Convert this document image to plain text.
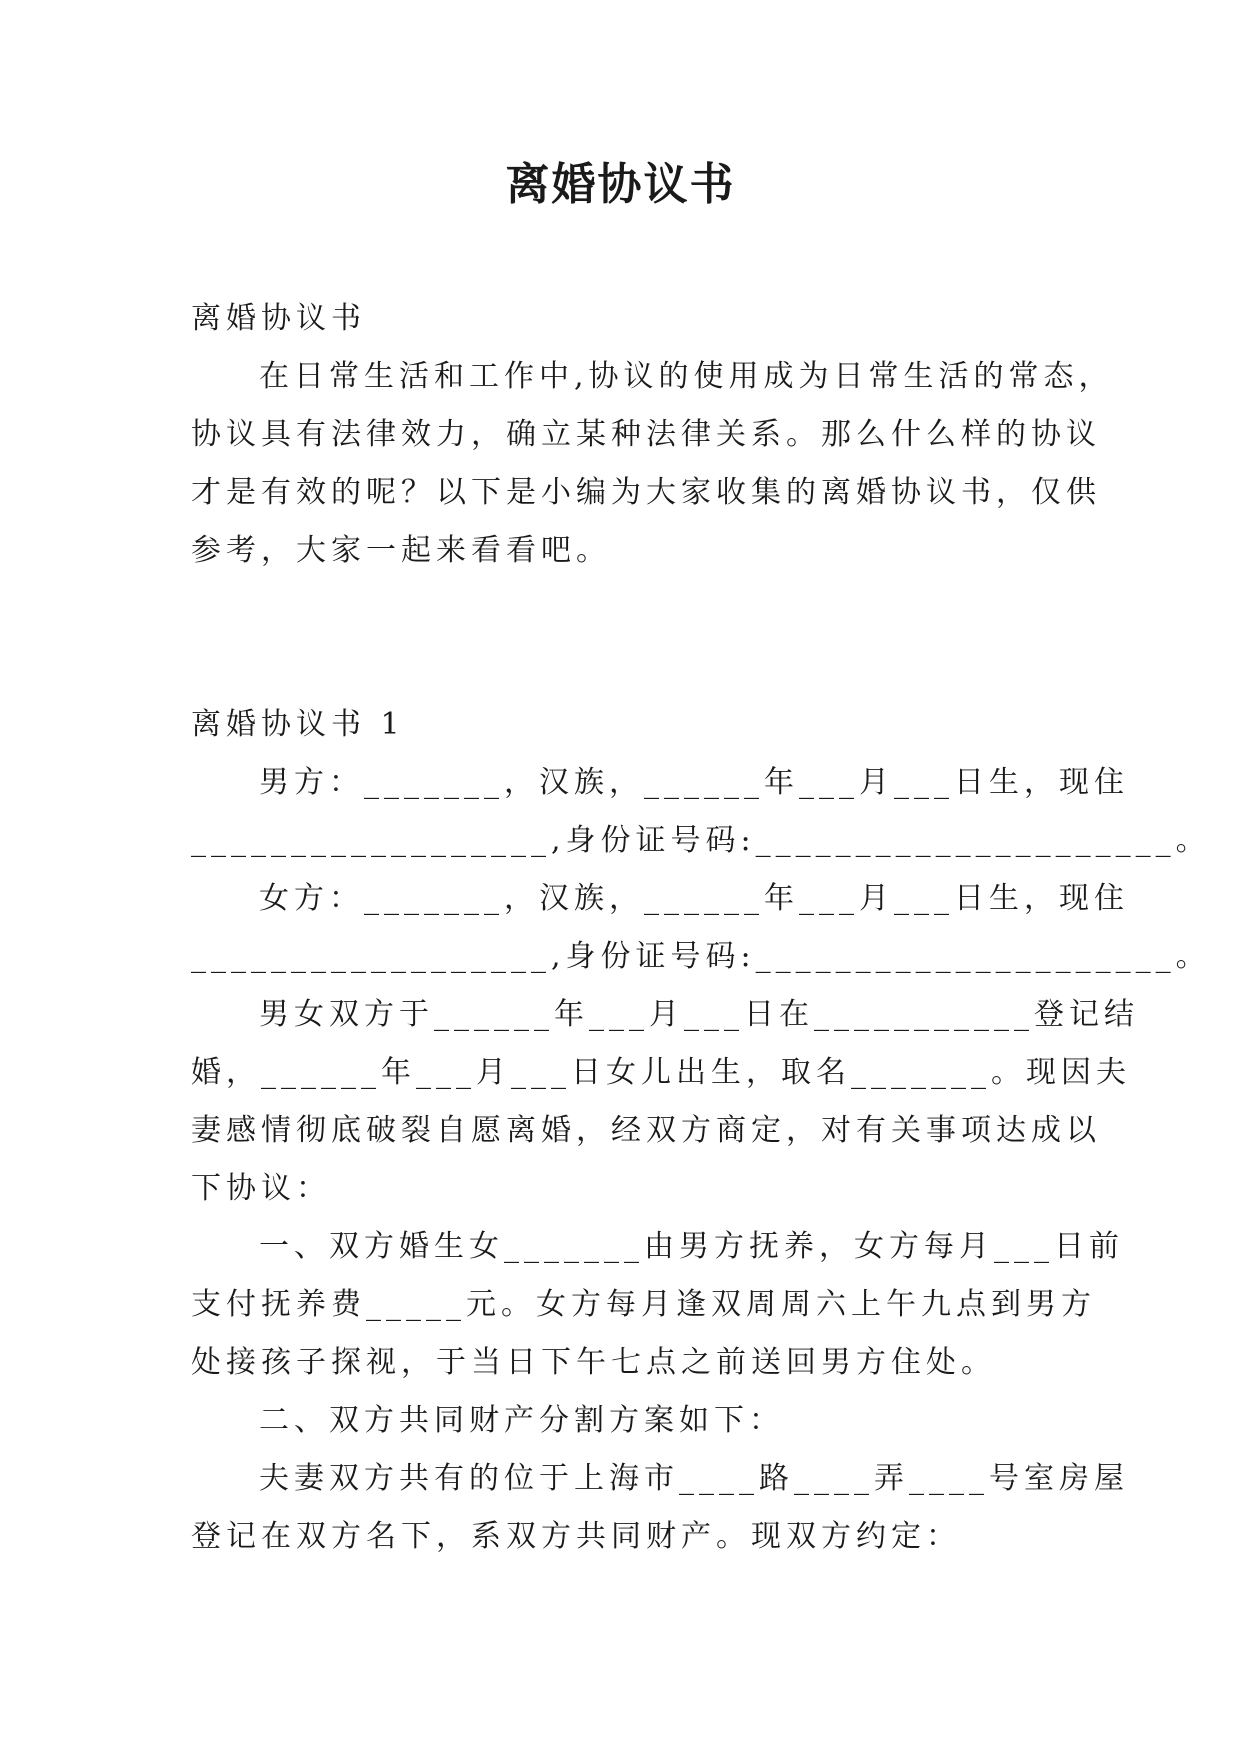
离婚协议书
离婚协议书
在日常生活和工作中,协议的使用成为日常生活的常态，
协议具有法律效力，确立某种法律关系。那么什么样的协议
才是有效的呢？以下是小编为大家收集的离婚协议书，仅供
参考，大家一起来看看吧。
离婚协议书 1
男方：_______，汉族，______年___月___日生，现住
__________________,身份证号码:_____________________。
女方：_______，汉族，______年___月___日生，现住
__________________,身份证号码:_____________________。
男女双方于______年___月___日在___________登记结
婚，______年___月___日女儿出生，取名_______。现因夫
妻感情彻底破裂自愿离婚，经双方商定，对有关事项达成以
下协议：
一、双方婚生女_______由男方抚养，女方每月___日前
支付抚养费_____元。女方每月逢双周周六上午九点到男方
处接孩子探视，于当日下午七点之前送回男方住处。
二、双方共同财产分割方案如下：
夫妻双方共有的位于上海市____路____弄____号室房屋
登记在双方名下，系双方共同财产。现双方约定：
